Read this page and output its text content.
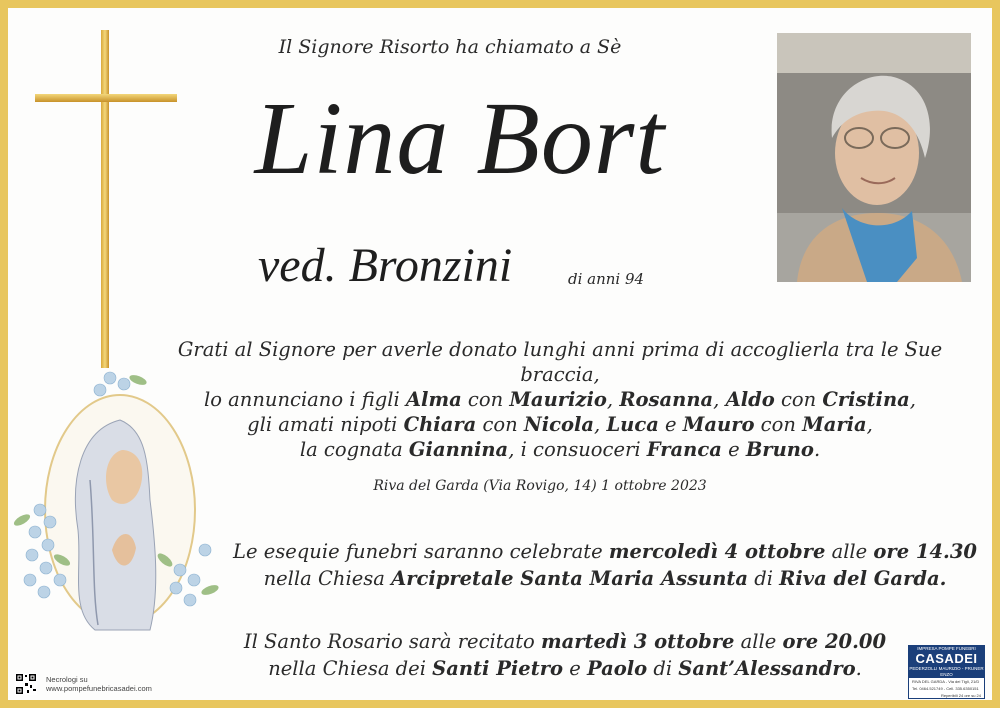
Il Signore Risorto ha chiamato a Sè
Lina Bort
ved. Bronzini	di anni 94
Grati al Signore per averle donato lunghi anni prima di accoglierla tra le Sue braccia,
lo annunciano i figli Alma con Maurizio, Rosanna, Aldo con Cristina,
gli amati nipoti Chiara con Nicola, Luca e Mauro con Maria,
la cognata Giannina, i consuoceri Franca e Bruno.
Riva del Garda (Via Rovigo, 14) 1 ottobre 2023
Le esequie funebri saranno celebrate mercoledì 4 ottobre alle ore 14.30
nella Chiesa Arcipretale Santa Maria Assunta di Riva del Garda.
Il Santo Rosario sarà recitato martedì 3 ottobre alle ore 20.00
nella Chiesa dei Santi Pietro e Paolo di Sant’Alessandro.
Necrologi su
www.pompefunebricasadei.com
IMPRESA POMPE FUNEBRI
CASADEI
PEDERZOLLI MAURIZIO - PRUNER ENZO
RIVA DEL GARDA - Via dei Tigli, 21/D
Tel. 0464.521749 - Cell. 335.6350151
Reperibili 24 ore su 24
